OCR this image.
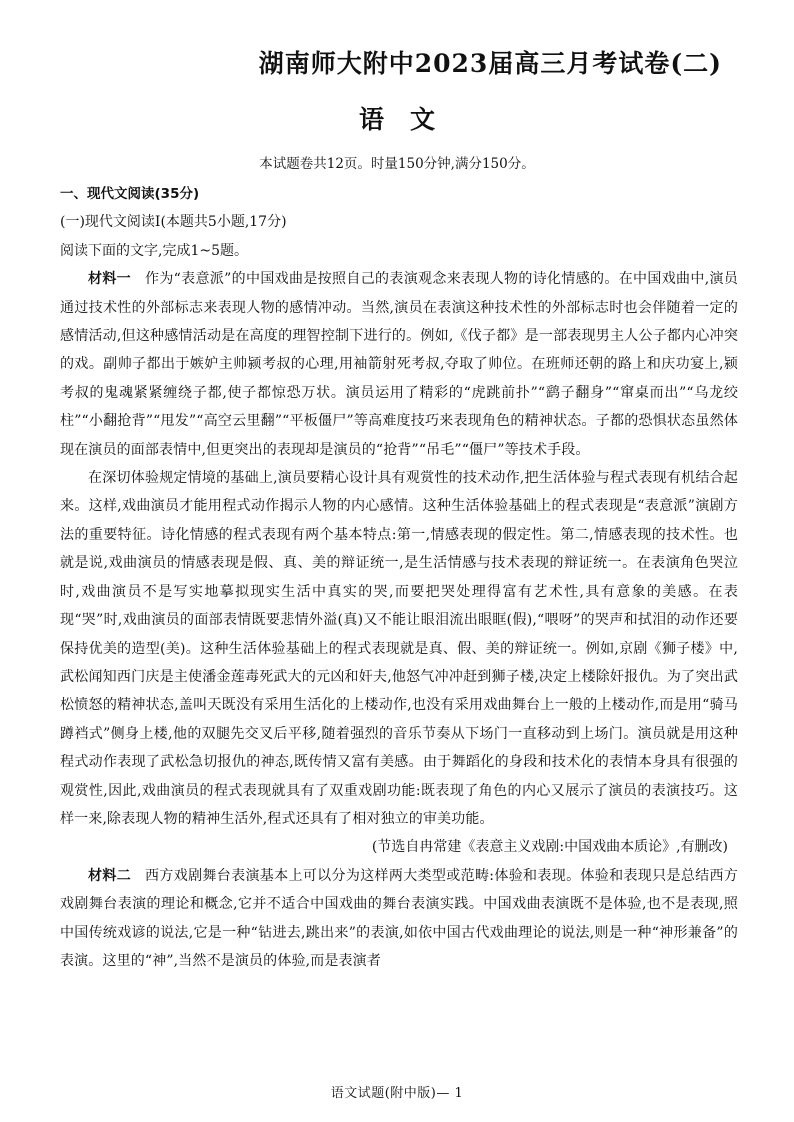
湖南师大附中2023届高三月考试卷(二)
语文
本试题卷共12页。时量150分钟,满分150分。
一、现代文阅读(35分)
(一)现代文阅读Ⅰ(本题共5小题,17分)
阅读下面的文字,完成1~5题。

材料一 作为“表意派”的中国戏曲是按照自己的表演观念来表现人物的诗化情感的。在中国戏曲中,演员通过技术性的外部标志来表现人物的感情冲动。当然,演员在表演这种技术性的外部标志时也会伴随着一定的感情活动,但这种感情活动是在高度的理智控制下进行的。例如,《伐子都》是一部表现男主人公子都内心冲突的戏。副帅子都出于嫉妒主帅颍考叔的心理,用袖箭射死考叔,夺取了帅位。在班师还朝的路上和庆功宴上,颍考叔的鬼魂紧紧缠绕子都,使子都惊恐万状。演员运用了精彩的“虎跳前扑”“鹞子翻身”“窜桌而出”“乌龙绞柱”“小翻抢背”“甩发”“高空云里翻”“平板僵尸”等高难度技巧来表现角色的精神状态。子都的恐惧状态虽然体现在演员的面部表情中,但更突出的表现却是演员的“抢背”“吊毛”“僵尸”等技术手段。

在深切体验规定情境的基础上,演员要精心设计具有观赏性的技术动作,把生活体验与程式表现有机结合起来。这样,戏曲演员才能用程式动作揭示人物的内心感情。这种生活体验基础上的程式表现是“表意派”演剧方法的重要特征。诗化情感的程式表现有两个基本特点:第一,情感表现的假定性。第二,情感表现的技术性。也就是说,戏曲演员的情感表现是假、真、美的辩证统一,是生活情感与技术表现的辩证统一。在表演角色哭泣时,戏曲演员不是写实地摹拟现实生活中真实的哭,而要把哭处理得富有艺术性,具有意象的美感。在表现“哭”时,戏曲演员的面部表情既要悲情外溢(真)又不能让眼泪流出眼眶(假),“喂呀”的哭声和拭泪的动作还要保持优美的造型(美)。这种生活体验基础上的程式表现就是真、假、美的辩证统一。例如,京剧《狮子楼》中,武松闻知西门庆是主使潘金莲毒死武大的元凶和奸夫,他怒气冲冲赶到狮子楼,决定上楼除奸报仇。为了突出武松愤怒的精神状态,盖叫天既没有采用生活化的上楼动作,也没有采用戏曲舞台上一般的上楼动作,而是用“骑马蹲裆式”侧身上楼,他的双腿先交叉后平移,随着强烈的音乐节奏从下场门一直移动到上场门。演员就是用这种程式动作表现了武松急切报仇的神态,既传情又富有美感。由于舞蹈化的身段和技术化的表情本身具有很强的观赏性,因此,戏曲演员的程式表现就具有了双重戏剧功能:既表现了角色的内心又展示了演员的表演技巧。这样一来,除表现人物的精神生活外,程式还具有了相对独立的审美功能。

(节选自冉常建《表意主义戏剧:中国戏曲本质论》,有删改)

材料二 西方戏剧舞台表演基本上可以分为这样两大类型或范畴:体验和表现。体验和表现只是总结西方戏剧舞台表演的理论和概念,它并不适合中国戏曲的舞台表演实践。中国戏曲表演既不是体验,也不是表现,照中国传统戏谚的说法,它是一种“钻进去,跳出来”的表演,如依中国古代戏曲理论的说法,则是一种“神形兼备”的表演。这里的“神”,当然不是演员的体验,而是表演者

语文试题(附中版)— 1
